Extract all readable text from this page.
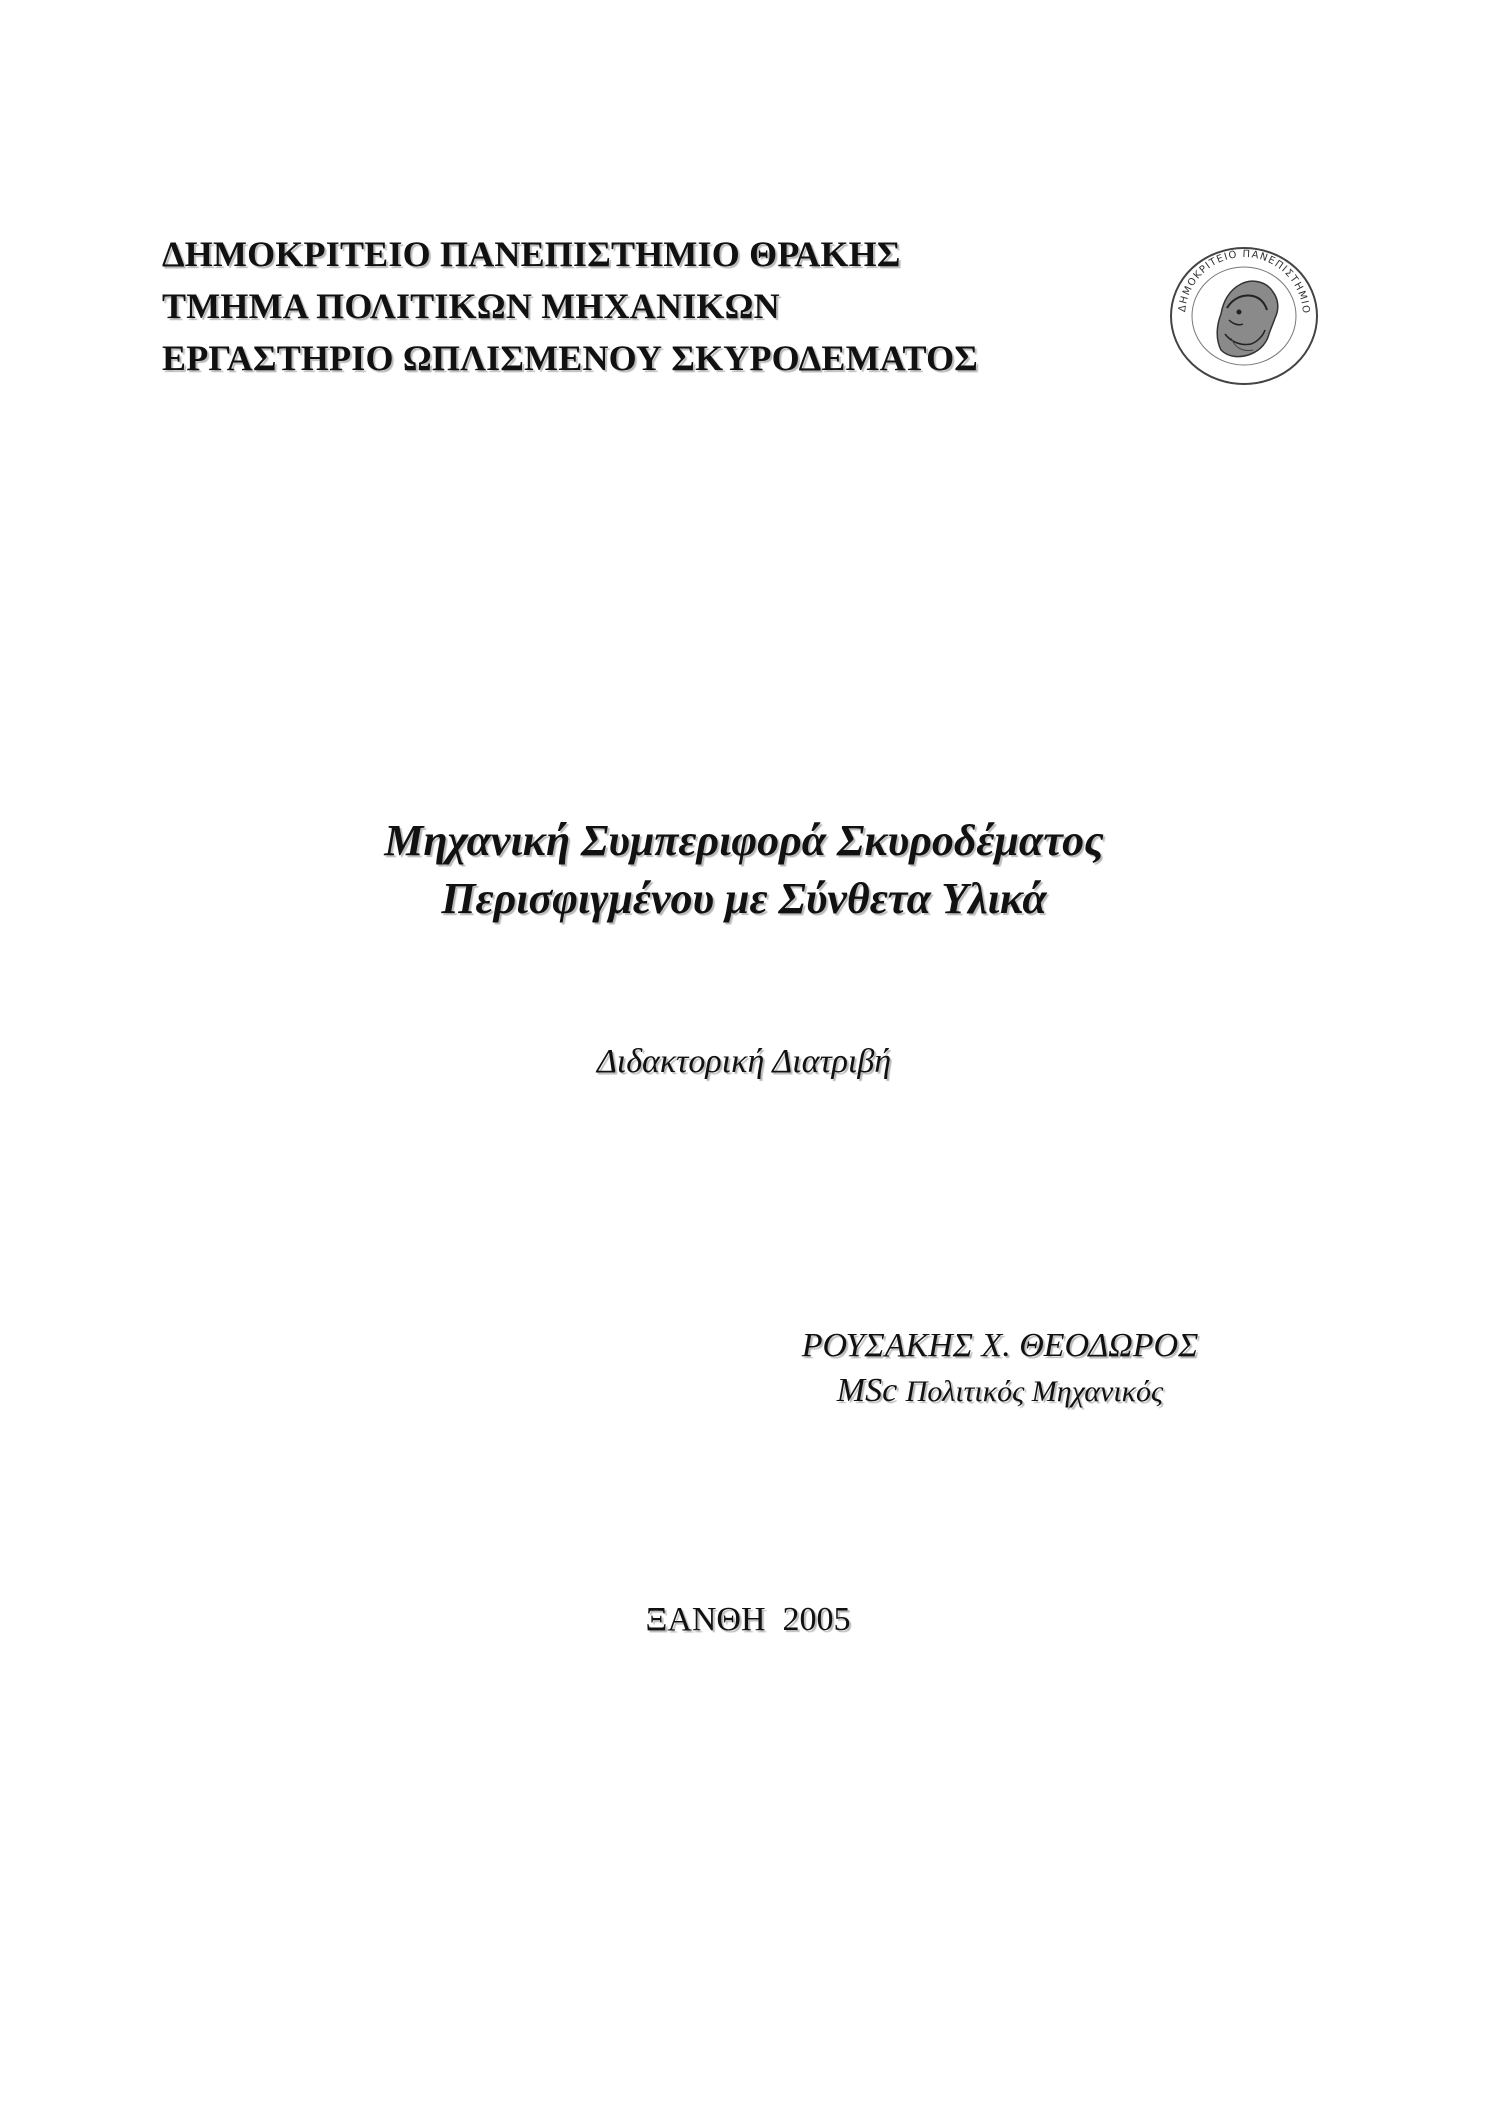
ΔΗΜΟΚΡΙΤΕΙΟ ΠΑΝΕΠΙΣΤΗΜΙΟ ΘΡΑΚΗΣ
ΤΜΗΜΑ ΠΟΛΙΤΙΚΩΝ ΜΗΧΑΝΙΚΩΝ
ΕΡΓΑΣΤΗΡΙΟ ΩΠΛΙΣΜΕΝΟΥ ΣΚΥΡΟΔΕΜΑΤΟΣ
ΔΗΜΟΚΡΙΤΕΙΟ ΠΑΝΕΠΙΣΤΗΜΙΟ
Μηχανική Συμπεριφορά Σκυροδέματος
Περισφιγμένου με Σύνθετα Υλικά
Διδακτορική Διατριβή
ΡΟΥΣΑΚΗΣ Χ. ΘΕΟΔΩΡΟΣ
MSc Πολιτικός Μηχανικός
ΞΑΝΘΗ  2005
